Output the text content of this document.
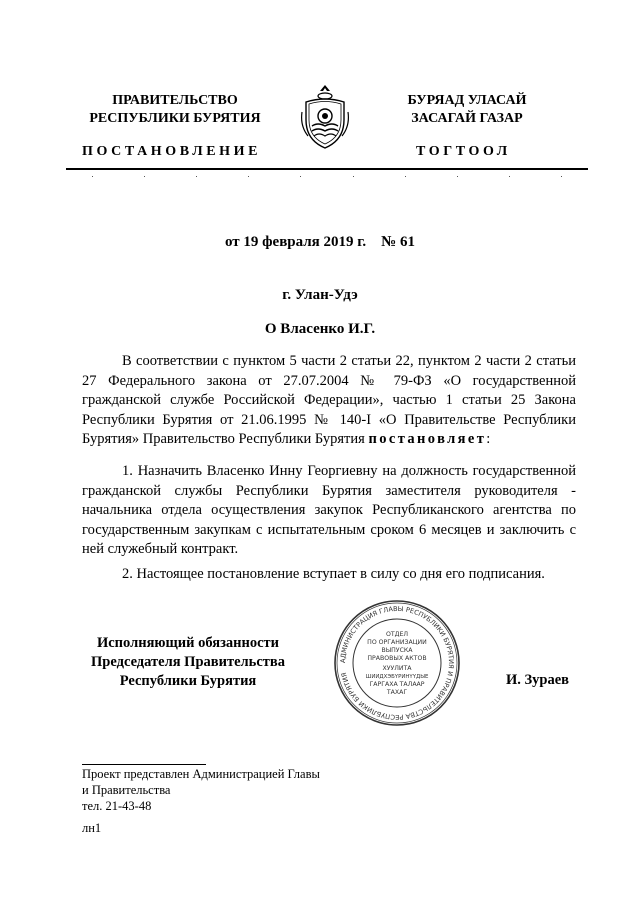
ПРАВИТЕЛЬСТВО
РЕСПУБЛИКИ БУРЯТИЯ
БУРЯАД УЛАСАЙ
ЗАСАГАЙ ГАЗАР
ПОСТАНОВЛЕНИЕ	ТОГТООЛ
от 19 февраля 2019 г.    № 61
г. Улан-Удэ
О Власенко И.Г.

В соответствии с пунктом 5 части 2 статьи 22, пунктом 2 части 2 статьи 27 Федерального закона от 27.07.2004 № 79-ФЗ «О государственной гражданской службе Российской Федерации», частью 1 статьи 25 Закона Республики Бурятия от 21.06.1995 № 140-I «О Правительстве Республики Бурятия» Правительство Республики Бурятия постановляет:

1. Назначить Власенко Инну Георгиевну на должность государственной гражданской службы Республики Бурятия заместителя руководителя - начальника отдела осуществления закупок Республиканского агентства по государственным закупкам с испытательным сроком 6 месяцев и заключить с ней служебный контракт.

2. Настоящее постановление вступает в силу со дня его подписания.

Исполняющий обязанности
Председателя Правительства
Республики Бурятия
АДМИНИСТРАЦИЯ ГЛАВЫ РЕСПУБЛИКИ БУРЯТИЯ И ПРАВИТЕЛЬСТВА РЕСПУБЛИКИ БУРЯТИЯ
ОТДЕЛ
ПО ОРГАНИЗАЦИИ
ВЫПУСКА
ПРАВОВЫХ АКТОВ
ХУУЛИТА
ШИИДХЭБҮРИНҮҮДЫЕ
ГАРГАХА ТАЛААР
ТАХАГ
И. Зураев
Проект представлен Администрацией Главы
и Правительства
тел. 21-43-48
лн1
